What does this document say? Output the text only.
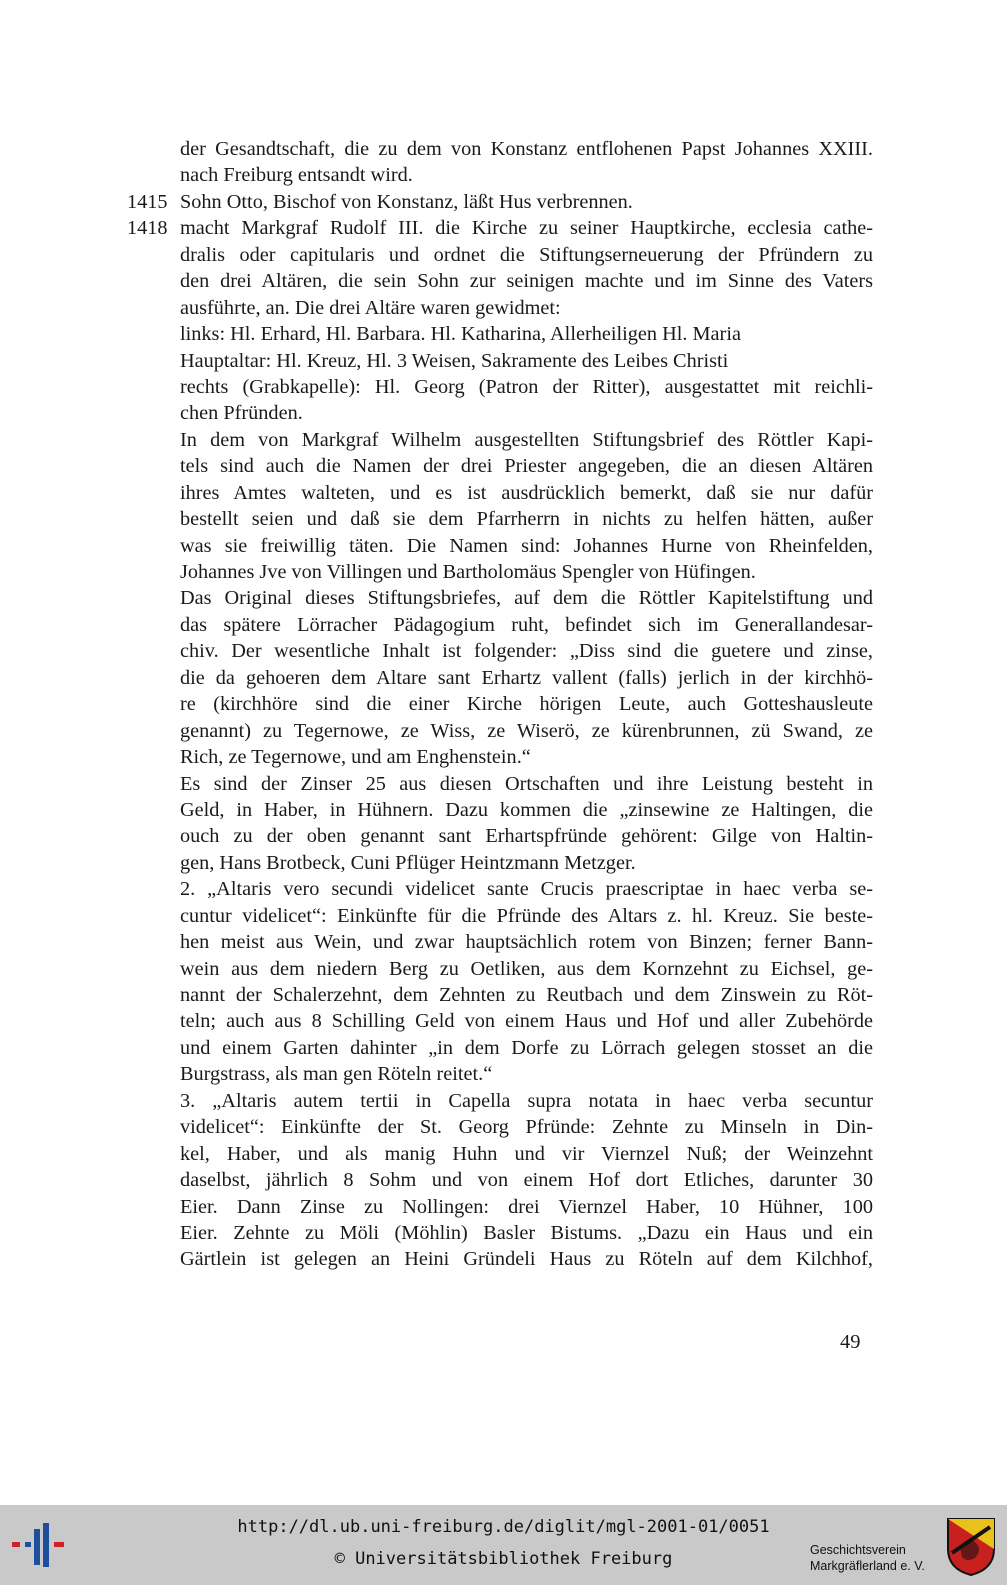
der Gesandtschaft, die zu dem von Konstanz entflohenen Papst Johannes XXIII.
nach Freiburg entsandt wird.
1415 Sohn Otto, Bischof von Konstanz, läßt Hus verbrennen.
1418 macht Markgraf Rudolf III. die Kirche zu seiner Hauptkirche, ecclesia cathe-
dralis oder capitularis und ordnet die Stiftungserneuerung der Pfründern zu
den drei Altären, die sein Sohn zur seinigen machte und im Sinne des Vaters
ausführte, an. Die drei Altäre waren gewidmet:
links: Hl. Erhard, Hl. Barbara. Hl. Katharina, Allerheiligen Hl. Maria
Hauptaltar: Hl. Kreuz, Hl. 3 Weisen, Sakramente des Leibes Christi
rechts (Grabkapelle): Hl. Georg (Patron der Ritter), ausgestattet mit reichli-
chen Pfründen.
In dem von Markgraf Wilhelm ausgestellten Stiftungsbrief des Röttler Kapi-
tels sind auch die Namen der drei Priester angegeben, die an diesen Altären
ihres Amtes walteten, und es ist ausdrücklich bemerkt, daß sie nur dafür
bestellt seien und daß sie dem Pfarrherrn in nichts zu helfen hätten, außer
was sie freiwillig täten. Die Namen sind: Johannes Hurne von Rheinfelden,
Johannes Jve von Villingen und Bartholomäus Spengler von Hüfingen.
Das Original dieses Stiftungsbriefes, auf dem die Röttler Kapitelstiftung und
das spätere Lörracher Pädagogium ruht, befindet sich im Generallandesar-
chiv. Der wesentliche Inhalt ist folgender: „Diss sind die guetere und zinse,
die da gehoeren dem Altare sant Erhartz vallent (falls) jerlich in der kirchhö-
re (kirchhöre sind die einer Kirche hörigen Leute, auch Gotteshausleute
genannt) zu Tegernowe, ze Wiss, ze Wiserö, ze kürenbrunnen, zü Swand, ze
Rich, ze Tegernowe, und am Enghenstein.“
Es sind der Zinser 25 aus diesen Ortschaften und ihre Leistung besteht in
Geld, in Haber, in Hühnern. Dazu kommen die „zinsewine ze Haltingen, die
ouch zu der oben genannt sant Erhartspfründe gehörent: Gilge von Haltin-
gen, Hans Brotbeck, Cuni Pflüger Heintzmann Metzger.
2. „Altaris vero secundi videlicet sante Crucis praescriptae in haec verba se-
cuntur videlicet“: Einkünfte für die Pfründe des Altars z. hl. Kreuz. Sie beste-
hen meist aus Wein, und zwar hauptsächlich rotem von Binzen; ferner Bann-
wein aus dem niedern Berg zu Oetliken, aus dem Kornzehnt zu Eichsel, ge-
nannt der Schalerzehnt, dem Zehnten zu Reutbach und dem Zinswein zu Röt-
teln; auch aus 8 Schilling Geld von einem Haus und Hof und aller Zubehörde
und einem Garten dahinter „in dem Dorfe zu Lörrach gelegen stosset an die
Burgstrass, als man gen Röteln reitet.“
3. „Altaris autem tertii in Capella supra notata in haec verba secuntur
videlicet“: Einkünfte der St. Georg Pfründe: Zehnte zu Minseln in Din-
kel, Haber, und als manig Huhn und vir Viernzel Nuß; der Weinzehnt
daselbst, jährlich 8 Sohm und von einem Hof dort Etliches, darunter 30
Eier. Dann Zinse zu Nollingen: drei Viernzel Haber, 10 Hühner, 100
Eier. Zehnte zu Möli (Möhlin) Basler Bistums. „Dazu ein Haus und ein
Gärtlein ist gelegen an Heini Gründeli Haus zu Röteln auf dem Kilchhof,
49
http://dl.ub.uni-freiburg.de/diglit/mgl-2001-01/0051
© Universitätsbibliothek Freiburg	Geschichtsverein
Markgräflerland e. V.
